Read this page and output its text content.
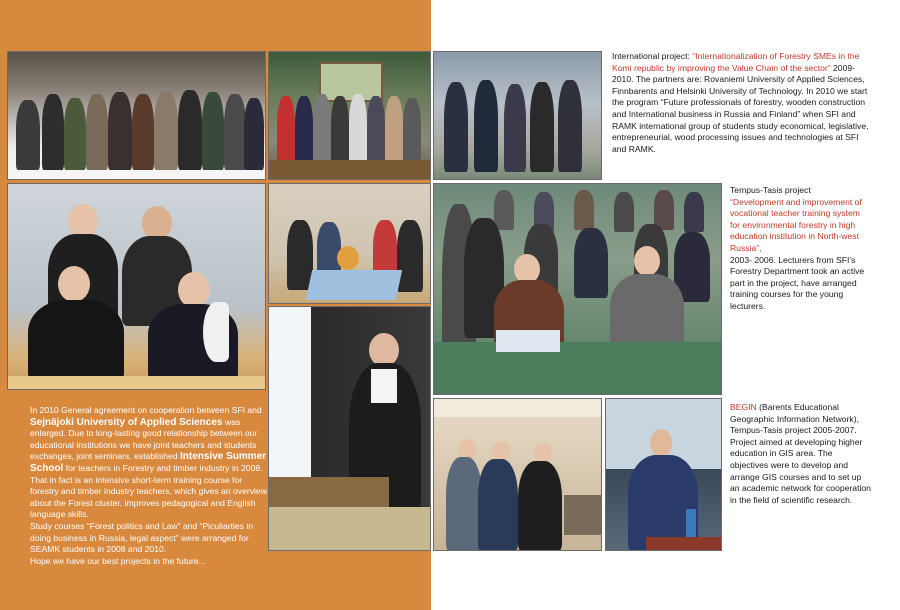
International project: “Internationalization of Forestry SMEs in the Komi republic by improving the Value Chain of the sector” 2009-2010. The partners are: Rovaniemi University of Applied Sciences, Finnbarents and Helsinki University of Technology. In 2010 we start the program “Future professionals of forestry, wooden construction and International business in Russia and Finland” when SFI and RAMK international group of students study economical, legislative, entrepreneurial, wood processing issues and technologies at SFI and RAMK.
Tempus-Tasis project
“Development and improvement of vocational teacher training system for environmental forestry in high education institution in North-west Russia”,
2003- 2006. Lecturers from SFI’s Forestry Department took an active part in the project, have arranged training courses for the young lecturers.
In 2010 General agreement on cooperation between SFI and Sejnäjoki University of Applied Sciences was enlarged. Due to long-lasting good relationship between our educational institutions we have joint teachers and students exchanges, joint seminars, established Intensive Summer School for teachers in Forestry and timber industry in 2008. That in fact is an intensive short-term training course for forestry and timber industry teachers, which gives an overview about the Forest cluster, improves pedagogical and English language skills.
Study courses “Forest politics and Law” and “Piculiarties in doing business in Russia, legal aspect” were arranged for SEAMK students in 2008 and 2010.
Hope we have our best projects in the future...
BEGIN (Barents Educational Geographic Information Network), Tempus-Tasis project 2005-2007. Project aimed at developing higher education in GIS area. The objectives were to develop and arrange GIS courses and to set up an academic network for cooperation in the field of scientific research.
